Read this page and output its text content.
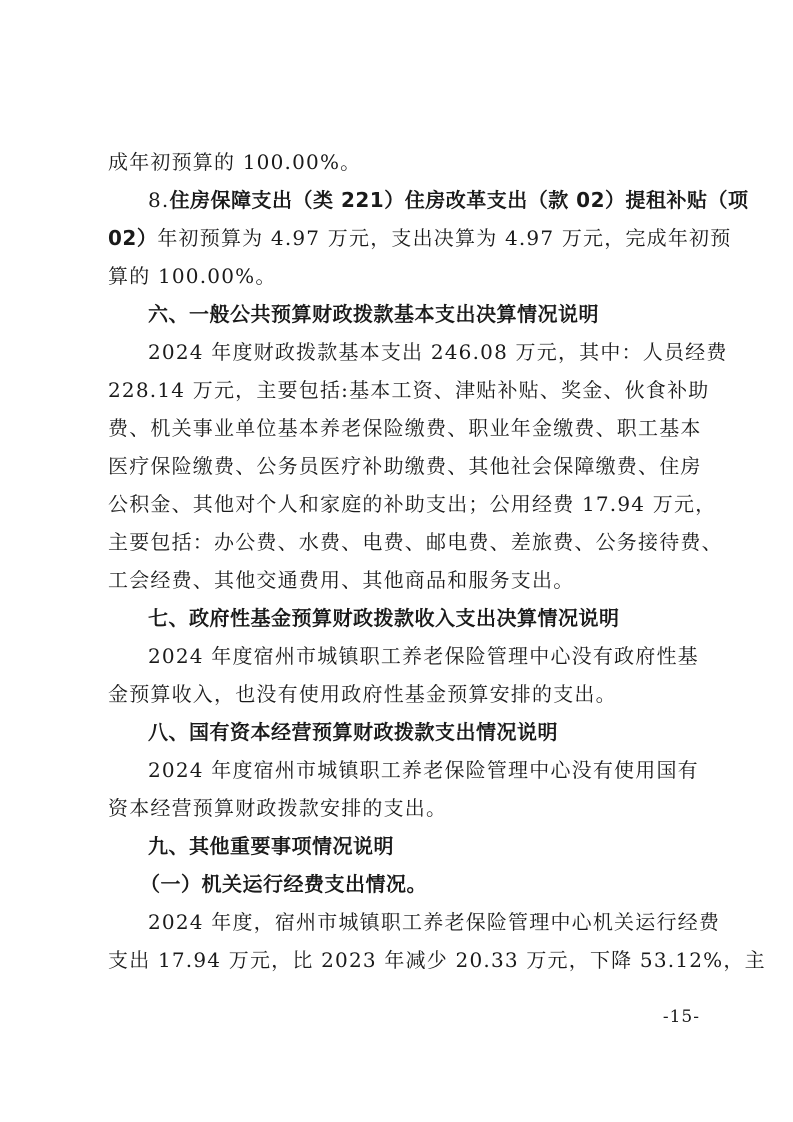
成年初预算的 100.00%。
8.住房保障支出（类 221）住房改革支出（款 02）提租补贴（项
02）年初预算为 4.97 万元，支出决算为 4.97 万元，完成年初预
算的 100.00%。
六、一般公共预算财政拨款基本支出决算情况说明
2024 年度财政拨款基本支出 246.08 万元，其中：人员经费
228.14 万元，主要包括:基本工资、津贴补贴、奖金、伙食补助
费、机关事业单位基本养老保险缴费、职业年金缴费、职工基本
医疗保险缴费、公务员医疗补助缴费、其他社会保障缴费、住房
公积金、其他对个人和家庭的补助支出；公用经费 17.94 万元，
主要包括：办公费、水费、电费、邮电费、差旅费、公务接待费、
工会经费、其他交通费用、其他商品和服务支出。
七、政府性基金预算财政拨款收入支出决算情况说明
2024 年度宿州市城镇职工养老保险管理中心没有政府性基
金预算收入，也没有使用政府性基金预算安排的支出。
八、国有资本经营预算财政拨款支出情况说明
2024 年度宿州市城镇职工养老保险管理中心没有使用国有
资本经营预算财政拨款安排的支出。
九、其他重要事项情况说明
（一）机关运行经费支出情况。
2024 年度，宿州市城镇职工养老保险管理中心机关运行经费
支出 17.94 万元，比 2023 年减少 20.33 万元，下降 53.12%，主
-15-
